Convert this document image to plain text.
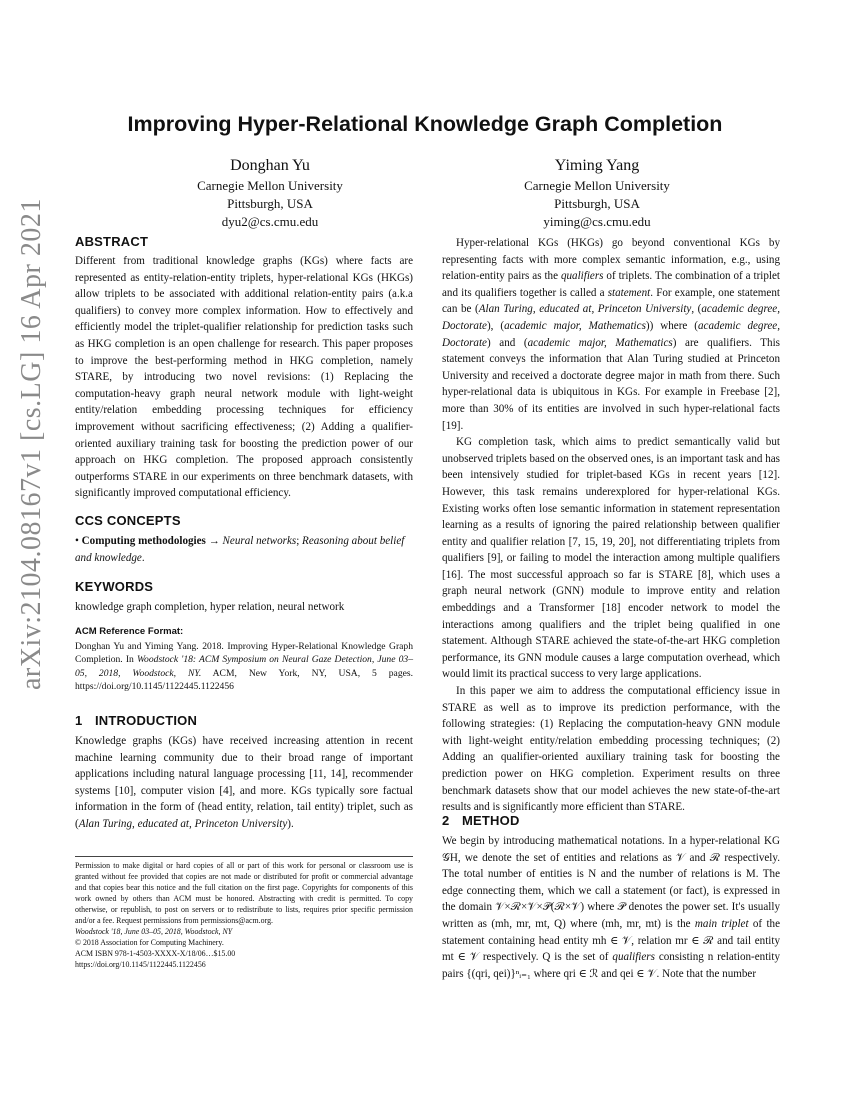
arXiv:2104.08167v1 [cs.LG] 16 Apr 2021
Improving Hyper-Relational Knowledge Graph Completion
Donghan Yu
Carnegie Mellon University
Pittsburgh, USA
dyu2@cs.cmu.edu
Yiming Yang
Carnegie Mellon University
Pittsburgh, USA
yiming@cs.cmu.edu

ABSTRACT

Different from traditional knowledge graphs (KGs) where facts are represented as entity-relation-entity triplets, hyper-relational KGs (HKGs) allow triplets to be associated with additional relation-entity pairs (a.k.a qualifiers) to convey more complex information. How to effectively and efficiently model the triplet-qualifier relationship for prediction tasks such as HKG completion is an open challenge for research. This paper proposes to improve the best-performing method in HKG completion, namely STARE, by introducing two novel revisions: (1) Replacing the computation-heavy graph neural network module with light-weight entity/relation embedding processing techniques for efficiency improvement without sacrificing effectiveness; (2) Adding a qualifier-oriented auxiliary training task for boosting the prediction power of our approach on HKG completion. The proposed approach consistently outperforms STARE in our experiments on three benchmark datasets, with significantly improved computational efficiency.

CCS CONCEPTS

• Computing methodologies → Neural networks; Reasoning about belief and knowledge.

KEYWORDS

knowledge graph completion, hyper relation, neural network

ACM Reference Format:

Donghan Yu and Yiming Yang. 2018. Improving Hyper-Relational Knowledge Graph Completion. In Woodstock '18: ACM Symposium on Neural Gaze Detection, June 03–05, 2018, Woodstock, NY. ACM, New York, NY, USA, 5 pages. https://doi.org/10.1145/1122445.1122456

1 INTRODUCTION

Knowledge graphs (KGs) have received increasing attention in recent machine learning community due to their broad range of important applications including natural language processing [11, 14], recommender systems [10], computer vision [4], and more. KGs typically sore factual information in the form of (head entity, relation, tail entity) triplet, such as (Alan Turing, educated at, Princeton University).

Permission to make digital or hard copies of all or part of this work for personal or classroom use is granted without fee provided that copies are not made or distributed for profit or commercial advantage and that copies bear this notice and the full citation on the first page. Copyrights for components of this work owned by others than ACM must be honored. Abstracting with credit is permitted. To copy otherwise, or republish, to post on servers or to redistribute to lists, requires prior specific permission and/or a fee. Request permissions from permissions@acm.org.

Woodstock '18, June 03–05, 2018, Woodstock, NY

© 2018 Association for Computing Machinery.

ACM ISBN 978-1-4503-XXXX-X/18/06…$15.00

https://doi.org/10.1145/1122445.1122456

Hyper-relational KGs (HKGs) go beyond conventional KGs by representing facts with more complex semantic information, e.g., using relation-entity pairs as the qualifiers of triplets. The combination of a triplet and its qualifiers together is called a statement. For example, one statement can be (Alan Turing, educated at, Princeton University, (academic degree, Doctorate), (academic major, Mathematics)) where (academic degree, Doctorate) and (academic major, Mathematics) are qualifiers. This statement conveys the information that Alan Turing studied at Princeton University and received a doctorate degree major in math from there. Such hyper-relational data is ubiquitous in KGs. For example in Freebase [2], more than 30% of its entities are involved in such hyper-relational facts [19].

KG completion task, which aims to predict semantically valid but unobserved triplets based on the observed ones, is an important task and has been intensively studied for triplet-based KGs in recent years [12]. However, this task remains underexplored for hyper-relational KGs. Existing works often lose semantic information in statement representation learning as a results of ignoring the paired relationship between qualifier entity and qualifier relation [7, 15, 19, 20], not differentiating triplets from qualifiers [9], or failing to model the interaction among multiple qualifiers [16]. The most successful approach so far is STARE [8], which uses a graph neural network (GNN) module to improve entity and relation embeddings and a Transformer [18] encoder network to model the interactions among qualifiers and the triplet being qualified in one statement. Although STARE achieved the state-of-the-art HKG completion performance, its GNN module causes a large computation overhead, which would limit its practical success to very large applications.

In this paper we aim to address the computational efficiency issue in STARE as well as to improve its prediction performance, with the following strategies: (1) Replacing the computation-heavy GNN module with light-weight entity/relation embedding processing techniques; (2) Adding an qualifier-oriented auxiliary training task for boosting the prediction power on HKG completion. Experiment results on three benchmark datasets show that our model achieves the new state-of-the-art results and is significantly more efficient than STARE.

2 METHOD

We begin by introducing mathematical notations. In a hyper-relational KG 𝒢H, we denote the set of entities and relations as 𝒱 and ℛ respectively. The total number of entities is N and the number of relations is M. The edge connecting them, which we call a statement (or fact), is expressed in the domain 𝒱×ℛ×𝒱×𝒫(ℛ×𝒱) where 𝒫 denotes the power set. It's usually written as (mh, mr, mt, Q) where (mh, mr, mt) is the main triplet of the statement containing head entity mh ∈ 𝒱, relation mr ∈ ℛ and tail entity mt ∈ 𝒱 respectively. Q is the set of qualifiers consisting n relation-entity pairs {(qri, qei)}ⁿᵢ₌₁ where qri ∈ ℛ and qei ∈ 𝒱. Note that the number
